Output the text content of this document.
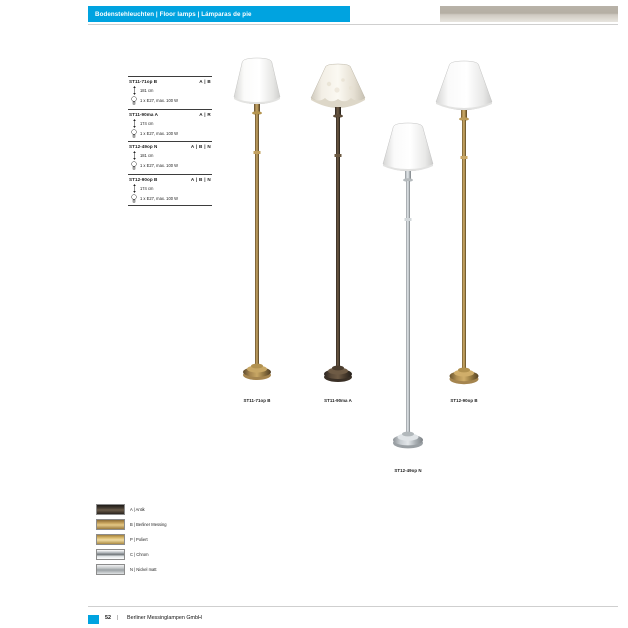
Bodenstehleuchten | Floor lamps | Lámparas de pie
ST11-71op B	A | B
181 cm
1 x E27, max. 100 W
ST11-90ma A	A | R
174 cm
1 x E27, max. 100 W
ST12-49op N	A | B | N
181 cm
1 x E27, max. 100 W
ST12-90op B	A | B | N
174 cm
1 x E27, max. 100 W
ST11-71op B	ST11-90ma A
ST12-49op N
ST12-90op B
A | Antik
B | Berliner Messing
P | Poliert
C | Chrom
N | Nickel matt
52 | Berliner Messinglampen GmbH
